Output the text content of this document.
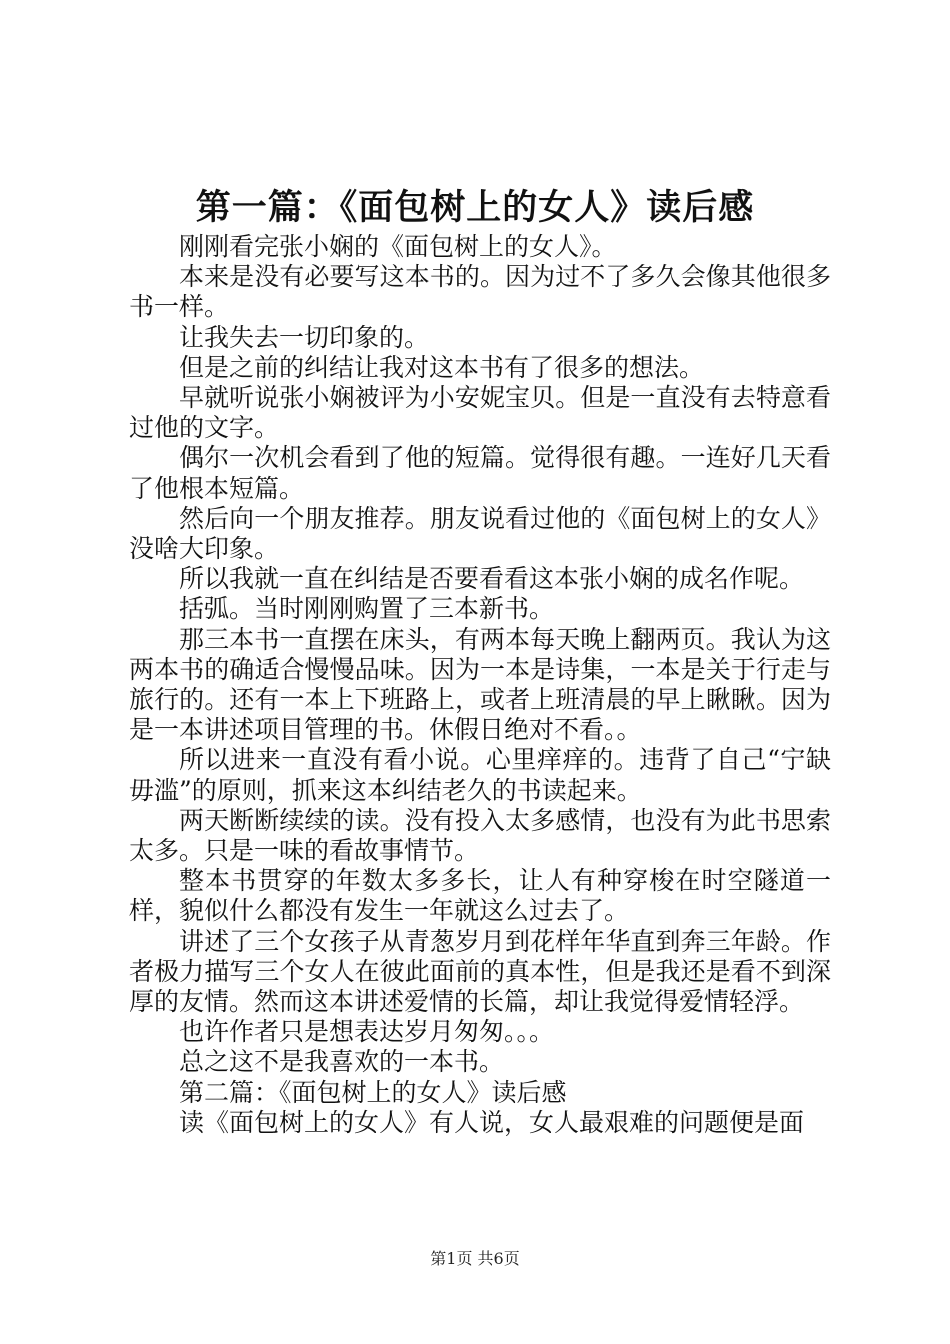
第一篇：《面包树上的女人》读后感

刚刚看完张小娴的《面包树上的女人》。

本来是没有必要写这本书的。因为过不了多久会像其他很多书一样。

让我失去一切印象的。

但是之前的纠结让我对这本书有了很多的想法。

早就听说张小娴被评为小安妮宝贝。但是一直没有去特意看过他的文字。

偶尔一次机会看到了他的短篇。觉得很有趣。一连好几天看了他根本短篇。

然后向一个朋友推荐。朋友说看过他的《面包树上的女人》没啥大印象。

所以我就一直在纠结是否要看看这本张小娴的成名作呢。

括弧。当时刚刚购置了三本新书。

那三本书一直摆在床头，有两本每天晚上翻两页。我认为这两本书的确适合慢慢品味。因为一本是诗集，一本是关于行走与旅行的。还有一本上下班路上，或者上班清晨的早上瞅瞅。因为是一本讲述项目管理的书。休假日绝对不看。。

所以进来一直没有看小说。心里痒痒的。违背了自己“宁缺毋滥”的原则，抓来这本纠结老久的书读起来。

两天断断续续的读。没有投入太多感情，也没有为此书思索太多。只是一味的看故事情节。

整本书贯穿的年数太多多长，让人有种穿梭在时空隧道一样，貌似什么都没有发生一年就这么过去了。

讲述了三个女孩子从青葱岁月到花样年华直到奔三年龄。作者极力描写三个女人在彼此面前的真本性，但是我还是看不到深厚的友情。然而这本讲述爱情的长篇，却让我觉得爱情轻浮。

也许作者只是想表达岁月匆匆。。。

总之这不是我喜欢的一本书。

第二篇：《面包树上的女人》读后感

读《面包树上的女人》有人说，女人最艰难的问题便是面

第1页 共6页
